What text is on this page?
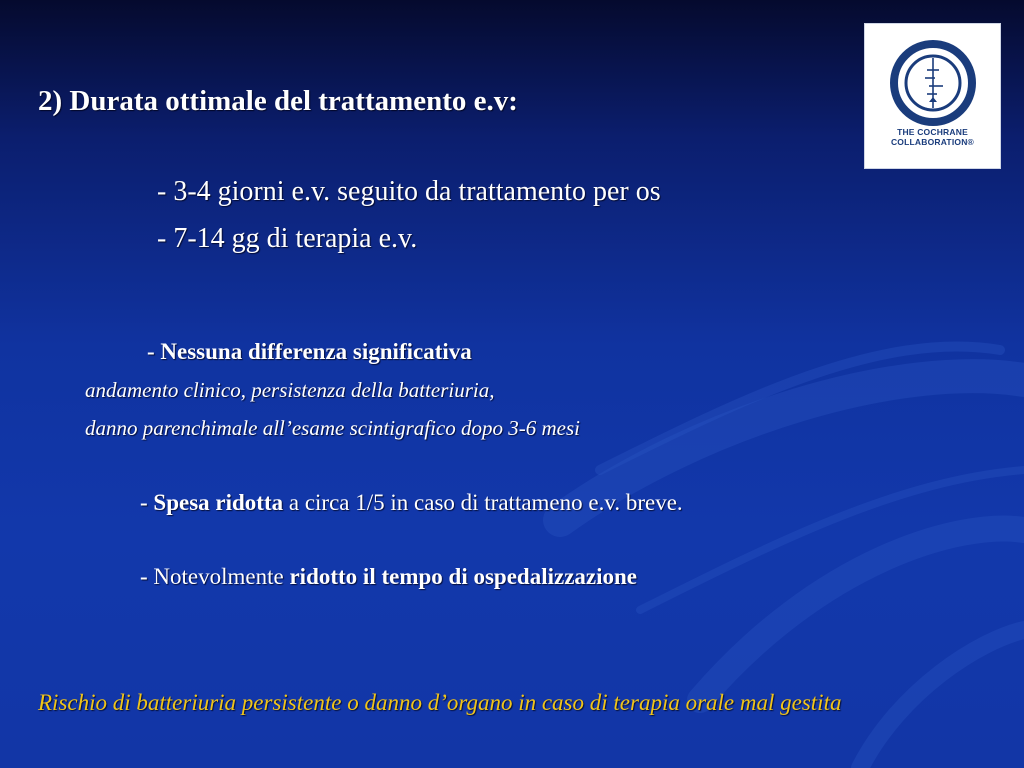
THE COCHRANE
COLLABORATION®
2) Durata ottimale del trattamento e.v:
- 3-4 giorni e.v. seguito da trattamento per os
- 7-14 gg di terapia e.v.
- Nessuna differenza significativa
andamento clinico, persistenza della batteriuria,
danno parenchimale all’esame scintigrafico dopo 3-6 mesi
- Spesa ridotta a circa 1/5 in caso di trattameno e.v. breve.
- Notevolmente ridotto il tempo di ospedalizzazione
Rischio di batteriuria persistente o danno d’organo in caso di terapia orale mal gestita
